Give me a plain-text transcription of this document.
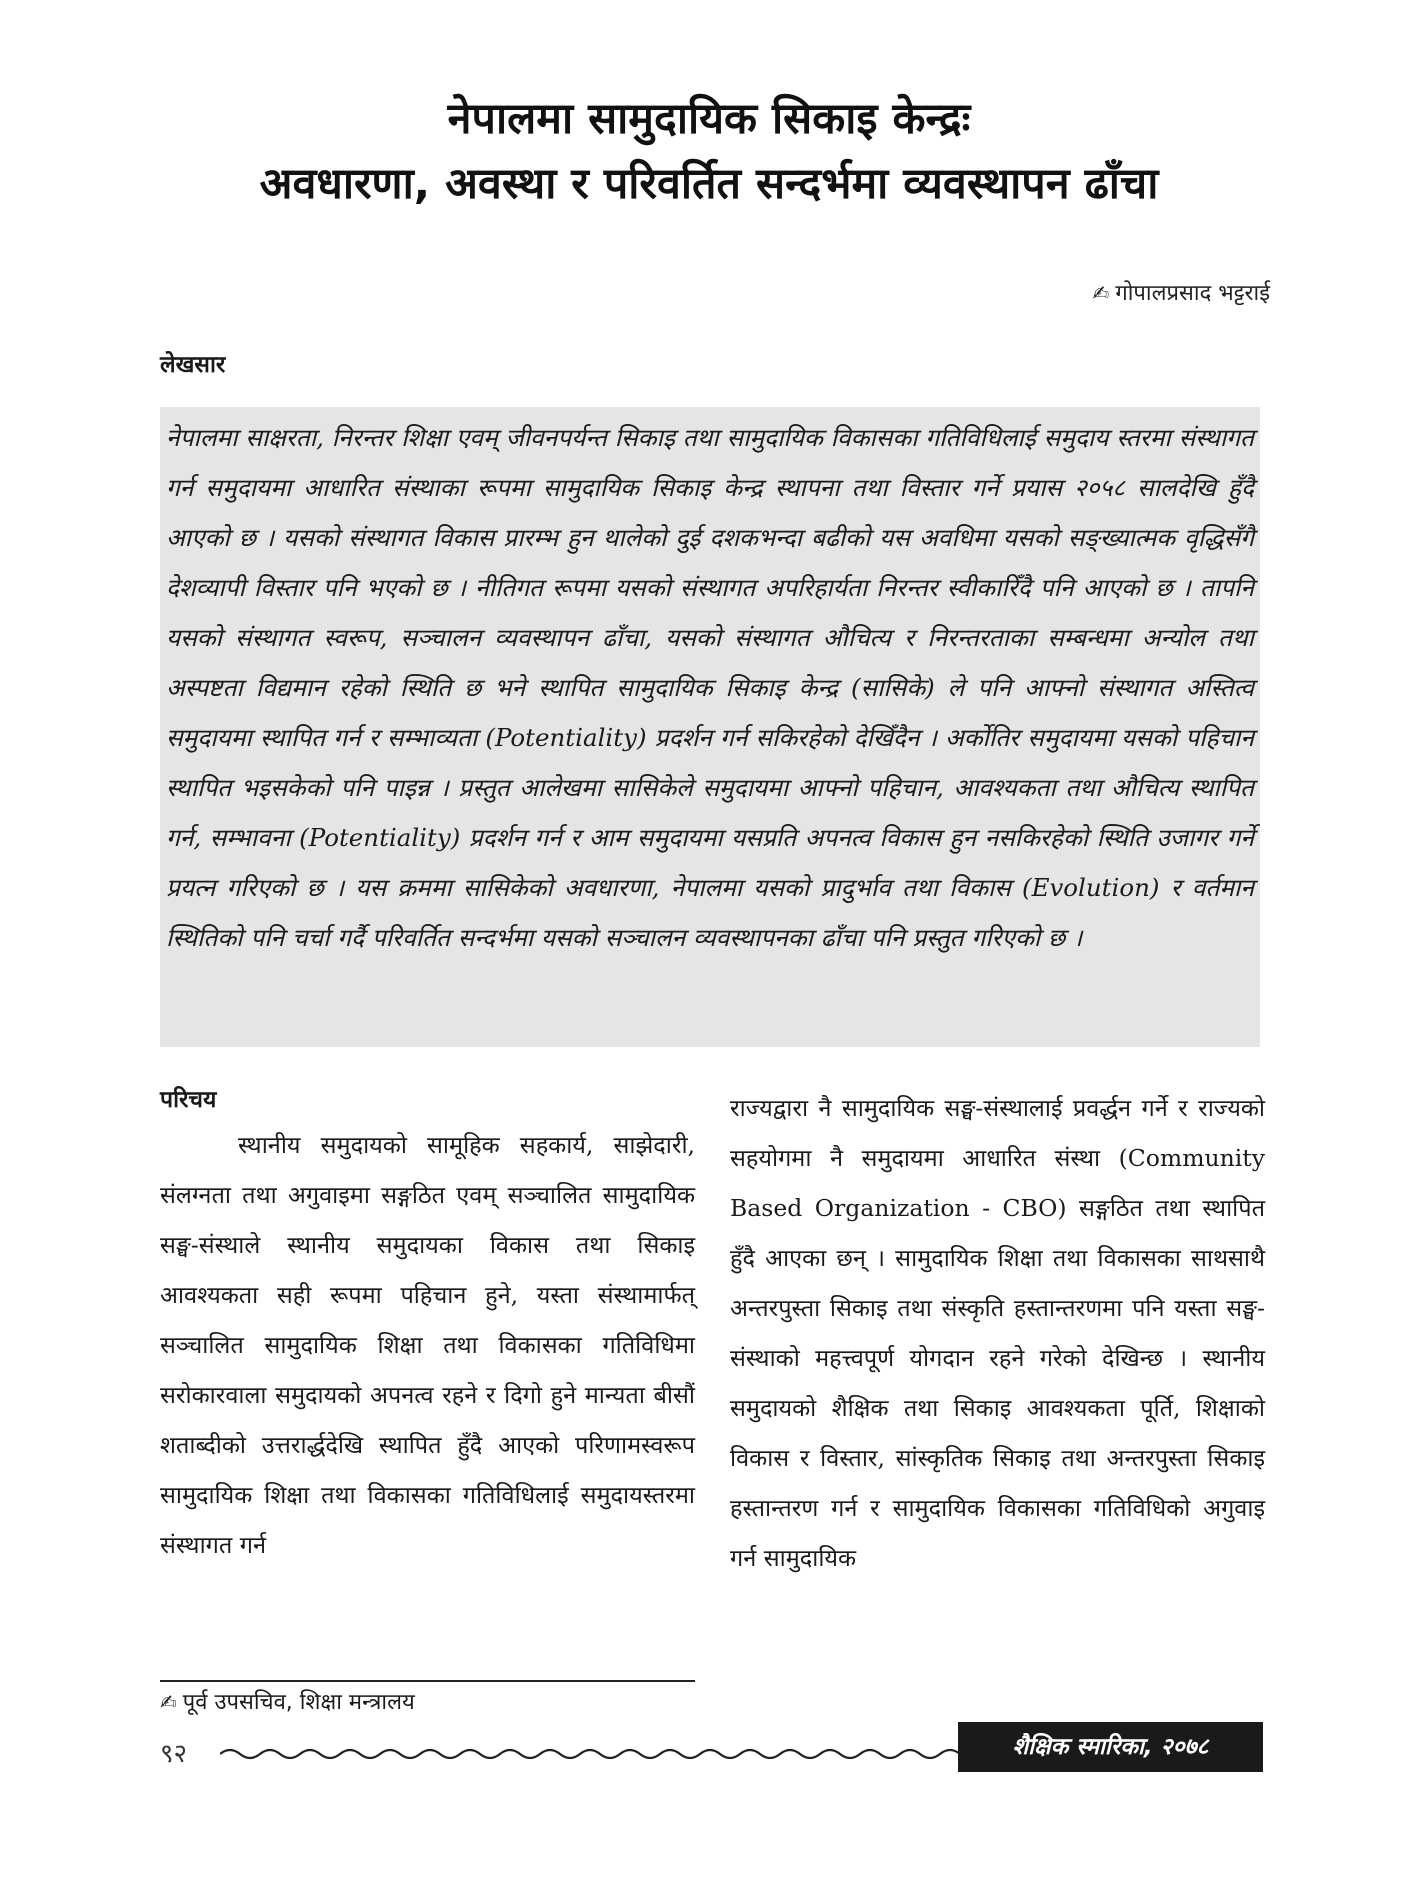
नेपालमा सामुदायिक सिकाइ केन्द्रः
अवधारणा, अवस्था र परिवर्तित सन्दर्भमा व्यवस्थापन ढाँचा
✍ गोपालप्रसाद भट्टराई
लेखसार
नेपालमा साक्षरता, निरन्तर शिक्षा एवम् जीवनपर्यन्त सिकाइ तथा सामुदायिक विकासका गतिविधिलाई समुदाय स्तरमा संस्थागत गर्न समुदायमा आधारित संस्थाका रूपमा सामुदायिक सिकाइ केन्द्र स्थापना तथा विस्तार गर्ने प्रयास २०५८ सालदेखि हुँदै आएको छ । यसको संस्थागत विकास प्रारम्भ हुन थालेको दुई दशकभन्दा बढीको यस अवधिमा यसको सङ्ख्यात्मक वृद्धिसँगै देशव्यापी विस्तार पनि भएको छ । नीतिगत रूपमा यसको संस्थागत अपरिहार्यता निरन्तर स्वीकारिँदै पनि आएको छ । तापनि यसको संस्थागत स्वरूप, सञ्चालन व्यवस्थापन ढाँचा, यसको संस्थागत औचित्य र निरन्तरताका सम्बन्धमा अन्योल तथा अस्पष्टता विद्यमान रहेको स्थिति छ भने स्थापित सामुदायिक सिकाइ केन्द्र (सासिके) ले पनि आफ्नो संस्थागत अस्तित्व समुदायमा स्थापित गर्न र सम्भाव्यता (Potentiality) प्रदर्शन गर्न सकिरहेको देखिँदैन । अर्कोतिर समुदायमा यसको पहिचान स्थापित भइसकेको पनि पाइन्न । प्रस्तुत आलेखमा सासिकेले समुदायमा आफ्नो पहिचान, आवश्यकता तथा औचित्य स्थापित गर्न, सम्भावना (Potentiality) प्रदर्शन गर्न र आम समुदायमा यसप्रति अपनत्व विकास हुन नसकिरहेको स्थिति उजागर गर्ने प्रयत्न गरिएको छ । यस क्रममा सासिकेको अवधारणा, नेपालमा यसको प्रादुर्भाव तथा विकास (Evolution) र वर्तमान स्थितिको पनि चर्चा गर्दै परिवर्तित सन्दर्भमा यसको सञ्चालन व्यवस्थापनका ढाँचा पनि प्रस्तुत गरिएको छ ।
परिचय

स्थानीय समुदायको सामूहिक सहकार्य, साझेदारी, संलग्नता तथा अगुवाइमा सङ्गठित एवम् सञ्चालित सामुदायिक सङ्घ-संस्थाले स्थानीय समुदायका विकास तथा सिकाइ आवश्यकता सही रूपमा पहिचान हुने, यस्ता संस्थामार्फत् सञ्चालित सामुदायिक शिक्षा तथा विकासका गतिविधिमा सरोकारवाला समुदायको अपनत्व रहने र दिगो हुने मान्यता बीसौं शताब्दीको उत्तरार्द्धदेखि स्थापित हुँदै आएको परिणामस्वरूप सामुदायिक शिक्षा तथा विकासका गतिविधिलाई समुदायस्तरमा संस्थागत गर्न

राज्यद्वारा नै सामुदायिक सङ्घ-संस्थालाई प्रवर्द्धन गर्ने र राज्यको सहयोगमा नै समुदायमा आधारित संस्था (Community Based Organization - CBO) सङ्गठित तथा स्थापित हुँदै आएका छन् । सामुदायिक शिक्षा तथा विकासका साथसाथै अन्तरपुस्ता सिकाइ तथा संस्कृति हस्तान्तरणमा पनि यस्ता सङ्घ-संस्थाको महत्त्वपूर्ण योगदान रहने गरेको देखिन्छ । स्थानीय समुदायको शैक्षिक तथा सिकाइ आवश्यकता पूर्ति, शिक्षाको विकास र विस्तार, सांस्कृतिक सिकाइ तथा अन्तरपुस्ता सिकाइ हस्तान्तरण गर्न र सामुदायिक विकासका गतिविधिको अगुवाइ गर्न सामुदायिक

✍ पूर्व उपसचिव, शिक्षा मन्त्रालय
९२	शैक्षिक स्मारिका, २०७८
